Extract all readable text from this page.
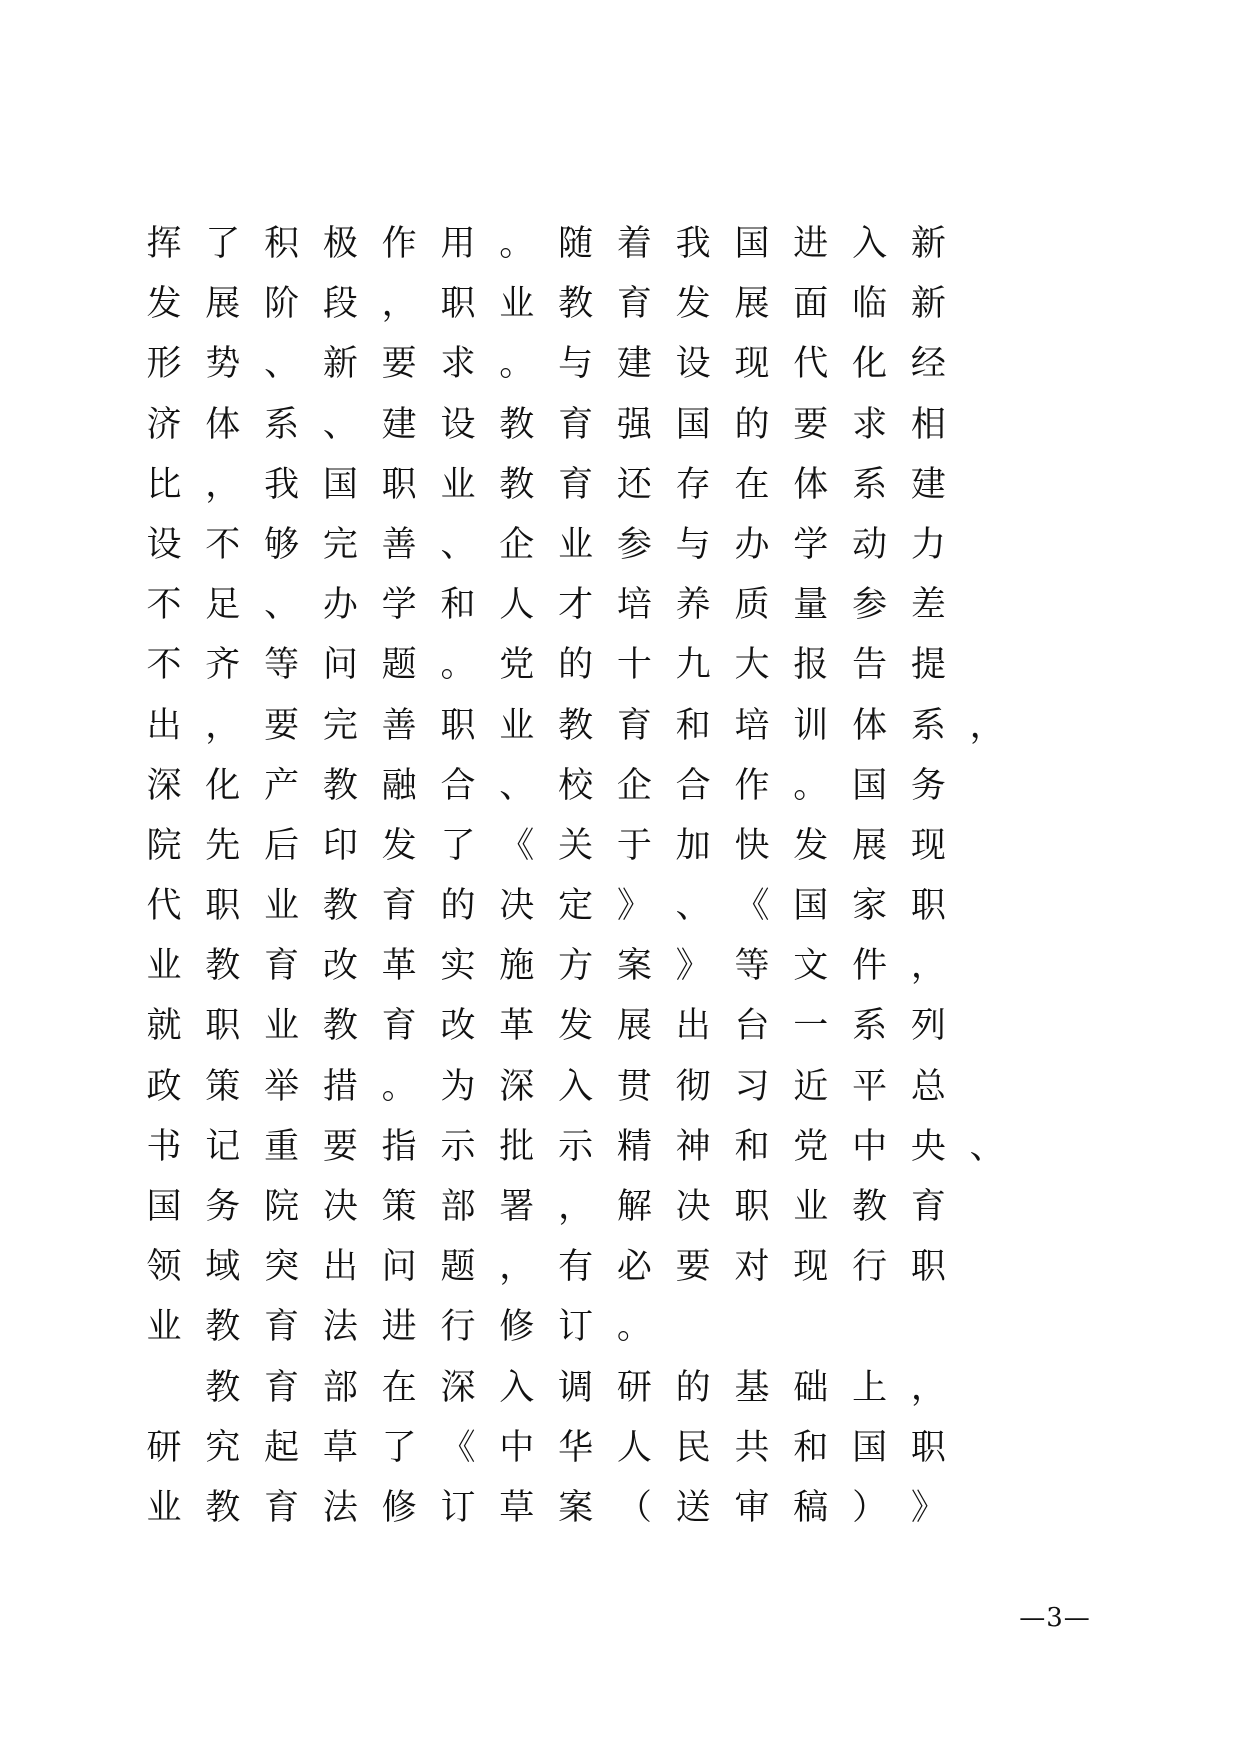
挥 了 积 极 作 用 。 随 着 我 国 进 入 新
发 展 阶 段 ， 职 业 教 育 发 展 面 临 新
形 势 、 新 要 求 。 与 建 设 现 代 化 经
济 体 系 、 建 设 教 育 强 国 的 要 求 相
比 ， 我 国 职 业 教 育 还 存 在 体 系 建
设 不 够 完 善 、 企 业 参 与 办 学 动 力
不 足 、 办 学 和 人 才 培 养 质 量 参 差
不 齐 等 问 题 。 党 的 十 九 大 报 告 提
出 ， 要 完 善 职 业 教 育 和 培 训 体 系 ，
深 化 产 教 融 合 、 校 企 合 作 。 国 务
院 先 后 印 发 了 《 关 于 加 快 发 展 现
代 职 业 教 育 的 决 定 》 、 《 国 家 职
业 教 育 改 革 实 施 方 案 》 等 文 件 ，
就 职 业 教 育 改 革 发 展 出 台 一 系 列
政 策 举 措 。 为 深 入 贯 彻 习 近 平 总
书 记 重 要 指 示 批 示 精 神 和 党 中 央 、
国 务 院 决 策 部 署 ， 解 决 职 业 教 育
领 域 突 出 问 题 ， 有 必 要 对 现 行 职
业 教 育 法 进 行 修 订 。
教 育 部 在 深 入 调 研 的 基 础 上 ，
研 究 起 草 了 《 中 华 人 民 共 和 国 职
业 教 育 法 修 订 草 案 （ 送 审 稿 ） 》
—3—
